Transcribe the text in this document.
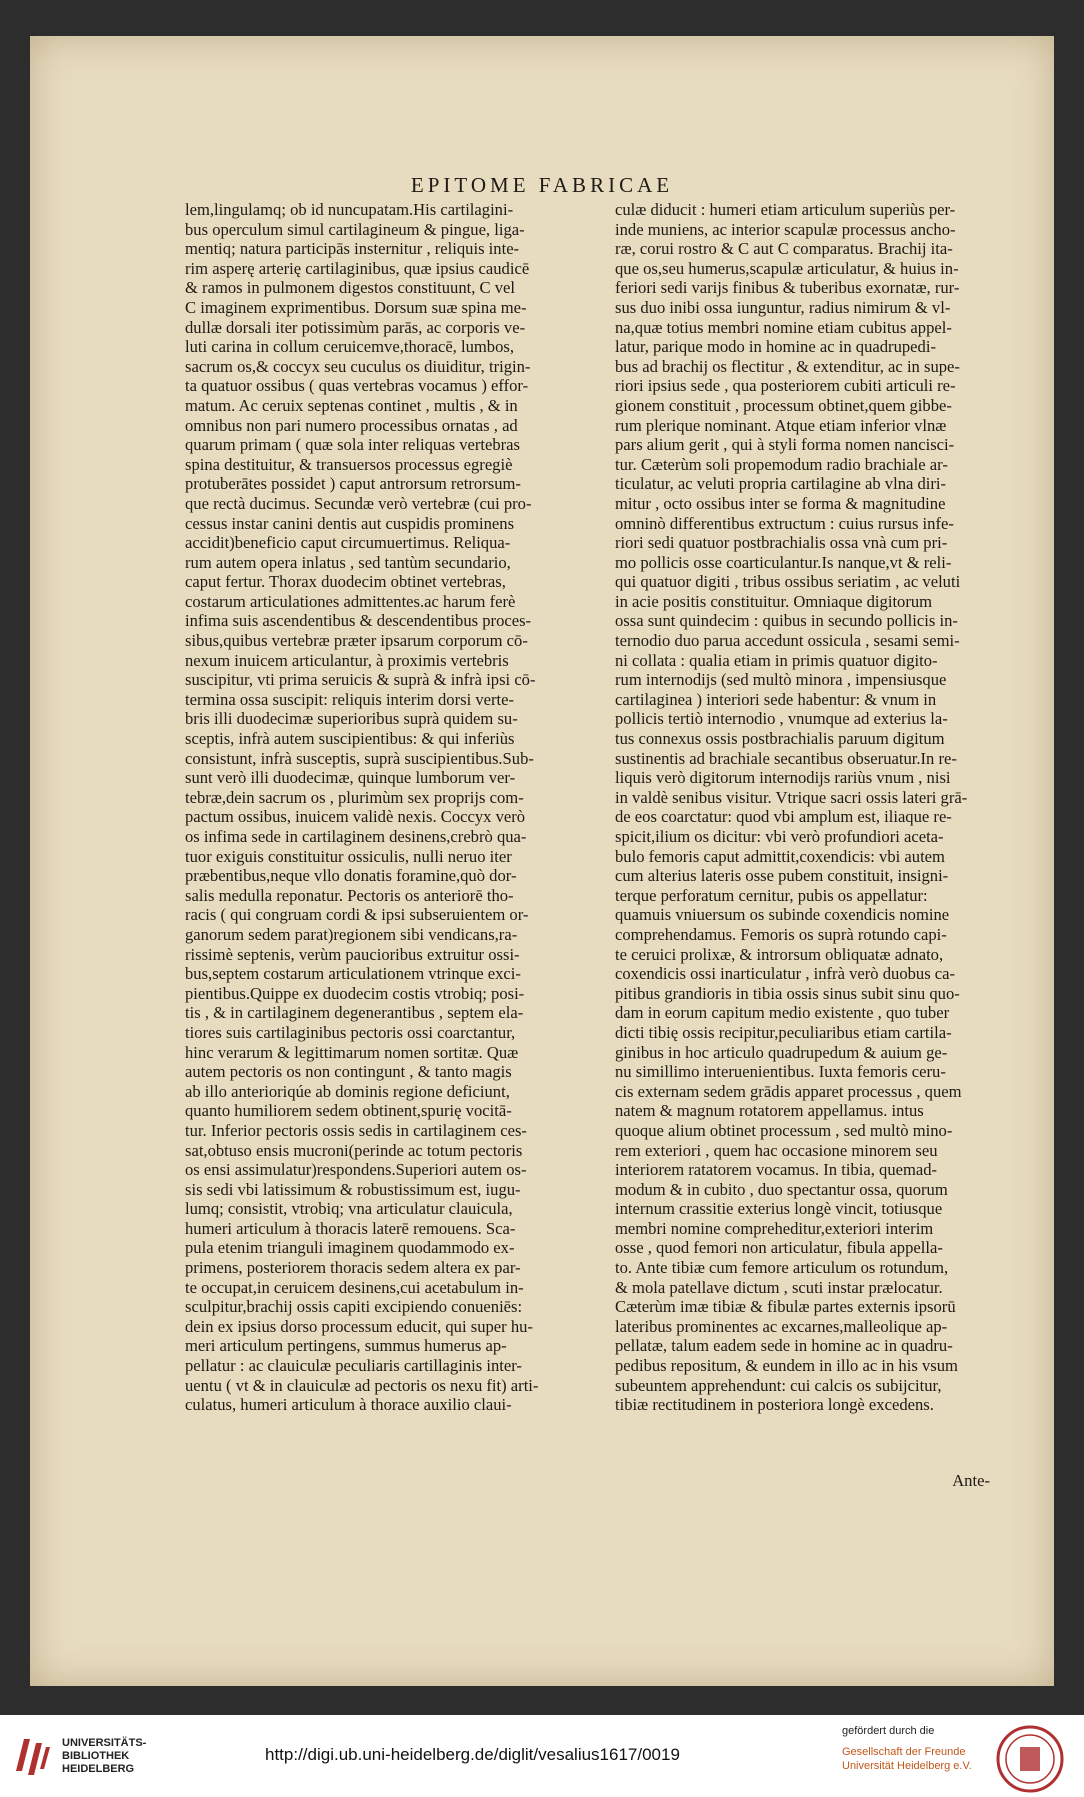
EPITOME FABRICAE
lem,lingulamq; ob id nuncupatam.His cartilagini-
bus operculum simul cartilagineum & pingue, liga-
mentiq; natura participās insternitur , reliquis inte-
rim asperę arterię cartilaginibus, quæ ipsius caudicē
& ramos in pulmonem digestos constituunt, C vel
C imaginem exprimentibus. Dorsum suæ spina me-
dullæ dorsali iter potissimùm parās, ac corporis ve-
luti carina in collum ceruicemve,thoracē, lumbos,
sacrum os,& coccyx seu cuculus os diuiditur, trigin-
ta quatuor ossibus ( quas vertebras vocamus ) effor-
matum. Ac ceruix septenas continet , multis , & in
omnibus non pari numero processibus ornatas , ad
quarum primam ( quæ sola inter reliquas vertebras
spina destituitur, & transuersos processus egregiè
protuberātes possidet ) caput antrorsum retrorsum-
que rectà ducimus. Secundæ verò vertebræ (cui pro-
cessus instar canini dentis aut cuspidis prominens
accidit)beneficio caput circumuertimus. Reliqua-
rum autem opera inlatus , sed tantùm secundario,
caput fertur. Thorax duodecim obtinet vertebras,
costarum articulationes admittentes.ac harum ferè
infima suis ascendentibus & descendentibus proces-
sibus,quibus vertebræ præter ipsarum corporum cō-
nexum inuicem articulantur, à proximis vertebris
suscipitur, vti prima seruicis & suprà & infrà ipsi cō-
termina ossa suscipit: reliquis interim dorsi verte-
bris illi duodecimæ superioribus suprà quidem su-
sceptis, infrà autem suscipientibus: & qui inferiùs
consistunt, infrà susceptis, suprà suscipientibus.Sub-
sunt verò illi duodecimæ, quinque lumborum ver-
tebræ,dein sacrum os , plurimùm sex proprijs com-
pactum ossibus, inuicem validè nexis. Coccyx verò
os infima sede in cartilaginem desinens,crebrò qua-
tuor exiguis constituitur ossiculis, nulli neruo iter
præbentibus,neque vllo donatis foramine,quò dor-
salis medulla reponatur. Pectoris os anteriorē tho-
racis ( qui congruam cordi & ipsi subseruientem or-
ganorum sedem parat)regionem sibi vendicans,ra-
rissimè septenis, verùm paucioribus extruitur ossi-
bus,septem costarum articulationem vtrinque exci-
pientibus.Quippe ex duodecim costis vtrobiq; posi-
tis , & in cartilaginem degenerantibus , septem ela-
tiores suis cartilaginibus pectoris ossi coarctantur,
hinc verarum & legittimarum nomen sortitæ. Quæ
autem pectoris os non contingunt , & tanto magis
ab illo anterioriqúe ab dominis regione deficiunt,
quanto humiliorem sedem obtinent,spurię vocitā-
tur. Inferior pectoris ossis sedis in cartilaginem ces-
sat,obtuso ensis mucroni(perinde ac totum pectoris
os ensi assimulatur)respondens.Superiori autem os-
sis sedi vbi latissimum & robustissimum est, iugu-
lumq; consistit, vtrobiq; vna articulatur clauicula,
humeri articulum à thoracis laterē remouens. Sca-
pula etenim trianguli imaginem quodammodo ex-
primens, posteriorem thoracis sedem altera ex par-
te occupat,in ceruicem desinens,cui acetabulum in-
sculpitur,brachij ossis capiti excipiendo conueniēs:
dein ex ipsius dorso processum educit, qui super hu-
meri articulum pertingens, summus humerus ap-
pellatur : ac clauiculæ peculiaris cartillaginis inter-
uentu ( vt & in clauiculæ ad pectoris os nexu fit) arti-
culatus, humeri articulum à thorace auxilio claui-
culæ diducit : humeri etiam articulum superiùs per-
inde muniens, ac interior scapulæ processus ancho-
ræ, corui rostro & C aut C comparatus. Brachij ita-
que os,seu humerus,scapulæ articulatur, & huius in-
feriori sedi varijs finibus & tuberibus exornatæ, rur-
sus duo inibi ossa iunguntur, radius nimirum & vl-
na,quæ totius membri nomine etiam cubitus appel-
latur, parique modo in homine ac in quadrupedi-
bus ad brachij os flectitur , & extenditur, ac in supe-
riori ipsius sede , qua posteriorem cubiti articuli re-
gionem constituit , processum obtinet,quem gibbe-
rum plerique nominant. Atque etiam inferior vlnæ
pars alium gerit , qui à styli forma nomen nancisci-
tur. Cæterùm soli propemodum radio brachiale ar-
ticulatur, ac veluti propria cartilagine ab vlna diri-
mitur , octo ossibus inter se forma & magnitudine
omninò differentibus extructum : cuius rursus infe-
riori sedi quatuor postbrachialis ossa vnà cum pri-
mo pollicis osse coarticulantur.Is nanque,vt & reli-
qui quatuor digiti , tribus ossibus seriatim , ac veluti
in acie positis constituitur. Omniaque digitorum
ossa sunt quindecim : quibus in secundo pollicis in-
ternodio duo parua accedunt ossicula , sesami semi-
ni collata : qualia etiam in primis quatuor digito-
rum internodijs (sed multò minora , impensiusque
cartilaginea ) interiori sede habentur: & vnum in
pollicis tertiò internodio , vnumque ad exterius la-
tus connexus ossis postbrachialis paruum digitum
sustinentis ad brachiale secantibus obseruatur.In re-
liquis verò digitorum internodijs rariùs vnum , nisi
in valdè senibus visitur. Vtrique sacri ossis lateri grā-
de eos coarctatur: quod vbi amplum est, iliaque re-
spicit,ilium os dicitur: vbi verò profundiori aceta-
bulo femoris caput admittit,coxendicis: vbi autem
cum alterius lateris osse pubem constituit, insigni-
terque perforatum cernitur, pubis os appellatur:
quamuis vniuersum os subinde coxendicis nomine
comprehendamus. Femoris os suprà rotundo capi-
te ceruici prolixæ, & introrsum obliquatæ adnato,
coxendicis ossi inarticulatur , infrà verò duobus ca-
pitibus grandioris in tibia ossis sinus subit sinu quo-
dam in eorum capitum medio existente , quo tuber
dicti tibię ossis recipitur,peculiaribus etiam cartila-
ginibus in hoc articulo quadrupedum & auium ge-
nu simillimo interuenientibus. Iuxta femoris ceru-
cis externam sedem grādis apparet processus , quem
natem & magnum rotatorem appellamus. intus
quoque alium obtinet processum , sed multò mino-
rem exteriori , quem hac occasione minorem seu
interiorem ratatorem vocamus. In tibia, quemad-
modum & in cubito , duo spectantur ossa, quorum
internum crassitie exterius longè vincit, totiusque
membri nomine compreheditur,exteriori interim
osse , quod femori non articulatur, fibula appella-
to. Ante tibiæ cum femore articulum os rotundum,
& mola patellave dictum , scuti instar prælocatur.
Cæterùm imæ tibiæ & fibulæ partes externis ipsorū
lateribus prominentes ac excarnes,malleolique ap-
pellatæ, talum eadem sede in homine ac in quadru-
pedibus repositum, & eundem in illo ac in his vsum
subeuntem apprehendunt: cui calcis os subijcitur,
tibiæ rectitudinem in posteriora longè excedens.
Ante-
UNIVERSITÄTS-
BIBLIOTHEK
HEIDELBERG
http://digi.ub.uni-heidelberg.de/diglit/vesalius1617/0019
gefördert durch die
Gesellschaft der Freunde
Universität Heidelberg e.V.
